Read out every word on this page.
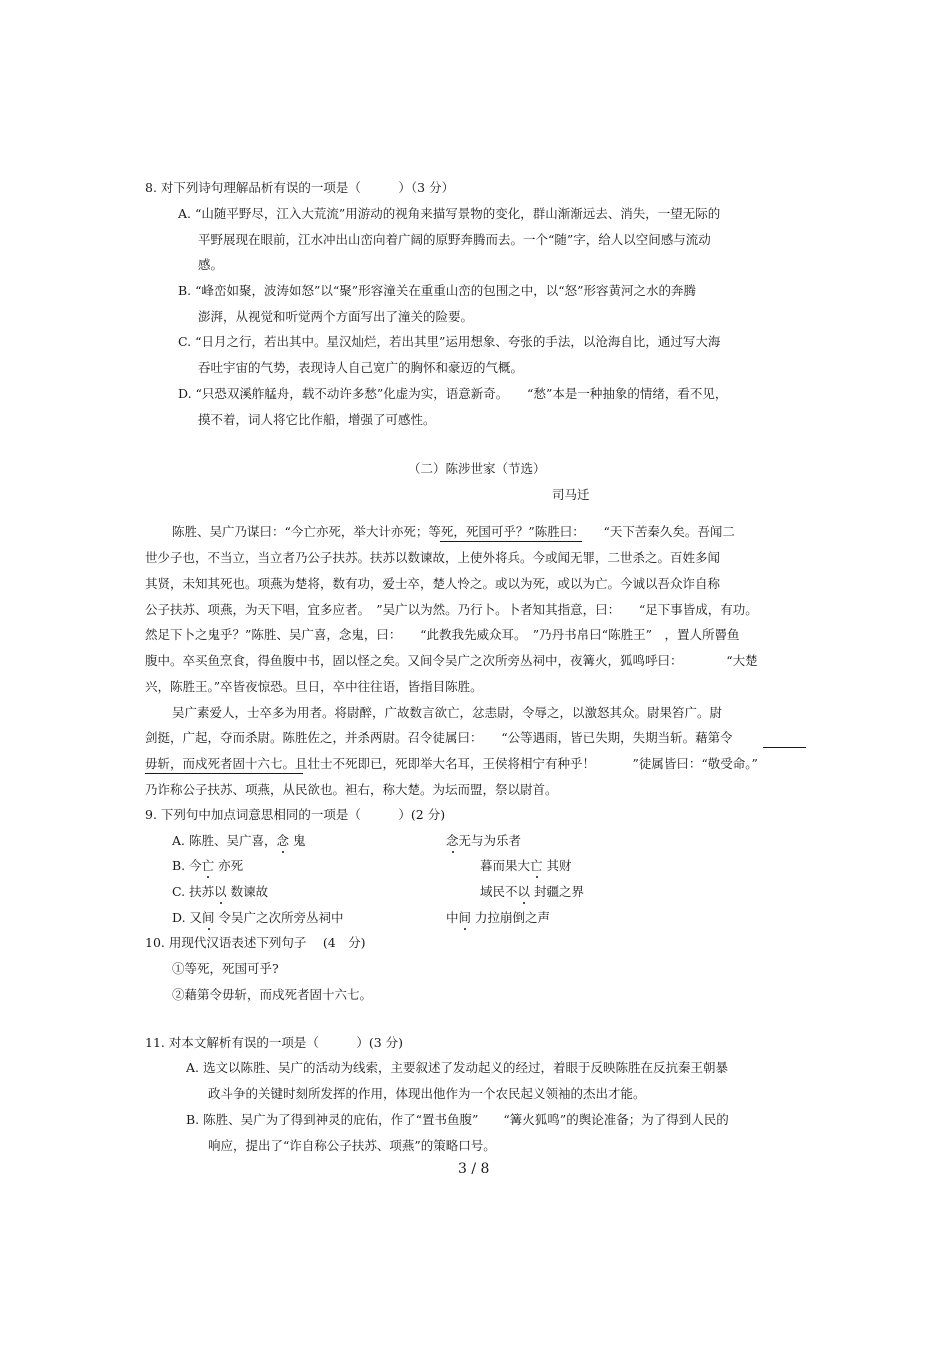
8. 对下列诗句理解品析有误的一项是（　　　）（3 分）
A. “山随平野尽，江入大荒流”用游动的视角来描写景物的变化，群山渐渐远去、消失，一望无际的
平野展现在眼前，江水冲出山峦向着广阔的原野奔腾而去。一个“随”字，给人以空间感与流动
感。
B. “峰峦如聚，波涛如怒”以“聚”形容潼关在重重山峦的包围之中，以“怒”形容黄河之水的奔腾
澎湃，从视觉和听觉两个方面写出了潼关的险要。
C. “日月之行，若出其中。星汉灿烂，若出其里”运用想象、夸张的手法，以沧海自比，通过写大海
吞吐宇宙的气势，表现诗人自己宽广的胸怀和豪迈的气概。
D. “只恐双溪舴艋舟，载不动许多愁”化虚为实，语意新奇。　　“愁”本是一种抽象的情绪，看不见，
摸不着，词人将它比作船，增强了可感性。
（二）陈涉世家（节选）
司马迁
陈胜、吴广乃谋曰：“今亡亦死，举大计亦死；等死，死国可乎？”陈胜曰：　　“天下苦秦久矣。吾闻二
世少子也，不当立，当立者乃公子扶苏。扶苏以数谏故，上使外将兵。今或闻无罪，二世杀之。百姓多闻
其贤，未知其死也。项燕为楚将，数有功，爱士卒，楚人怜之。或以为死，或以为亡。今诚以吾众诈自称
公子扶苏、项燕，为天下唱，宜多应者。　”吴广以为然。乃行卜。卜者知其指意，曰：　　“足下事皆成，有功。
然足下卜之鬼乎？”陈胜、吴广喜，念鬼，曰：　　“此教我先威众耳。　”乃丹书帛曰“陈胜王”　，置人所罾鱼
腹中。卒买鱼烹食，得鱼腹中书，固以怪之矣。又间令吴广之次所旁丛祠中，夜篝火，狐鸣呼曰：　　　　“大楚
兴，陈胜王。”卒皆夜惊恐。旦日，卒中往往语，皆指目陈胜。
吴广素爱人，士卒多为用者。将尉醉，广故数言欲亡，忿恚尉，令辱之，以激怒其众。尉果笞广。尉
剑挺，广起，夺而杀尉。陈胜佐之，并杀两尉。召令徒属曰：　　“公等遇雨，皆已失期，失期当斩。藉第令
毋斩，而戍死者固十六七。且壮士不死即已，死即举大名耳，王侯将相宁有种乎！　　　”徒属皆曰：“敬受命。”
乃诈称公子扶苏、项燕，从民欲也。袒右，称大楚。为坛而盟，祭以尉首。
9. 下列句中加点词意思相同的一项是（　　　）(2 分)
A. 陈胜、吴广喜，念 鬼	念无与为乐者
B. 今亡 亦死	暮而果大亡 其财
C. 扶苏以 数谏故	域民不以 封疆之界
D. 又间 令吴广之次所旁丛祠中	中间 力拉崩倒之声
10. 用现代汉语表述下列句子　 (4　分)
①等死，死国可乎?
②藉第令毋斩，而戍死者固十六七。
11. 对本文解析有误的一项是（　　　）(3 分)
A. 选文以陈胜、吴广的活动为线索，主要叙述了发动起义的经过，着眼于反映陈胜在反抗秦王朝暴
政斗争的关键时刻所发挥的作用，体现出他作为一个农民起义领袖的杰出才能。
B. 陈胜、吴广为了得到神灵的庇佑，作了“置书鱼腹”　　“篝火狐鸣”的舆论准备；为了得到人民的
响应，提出了“诈自称公子扶苏、项燕”的策略口号。
3 / 8
